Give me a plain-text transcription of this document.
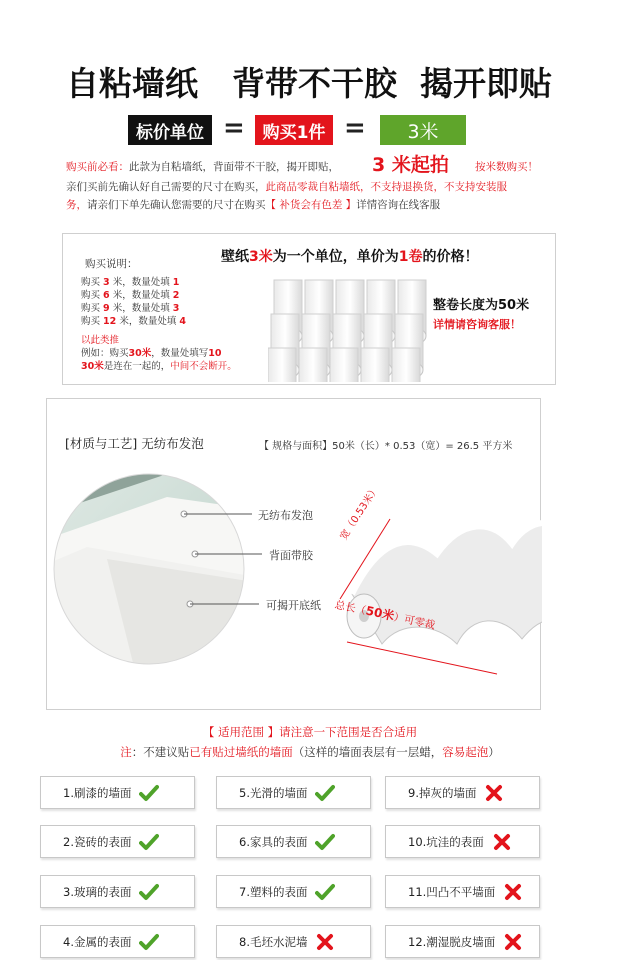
自粘墙纸 背带不干胶 揭开即贴
标价单位 =	购买1件 =	3米
购买前必看：此款为自粘墙纸，背面带不干胶，揭开即贴， 3 米起拍 按米数购买！
亲们买前先确认好自己需要的尺寸在购买，此商品零裁自粘墙纸，不支持退换货，不支持安装服
务，请亲们下单先确认您需要的尺寸在购买【 补货会有色差 】详情咨询在线客服
购买说明：
购买 3 米，数量处填 1
购买 6 米，数量处填 2
购买 9 米，数量处填 3
购买 12 米，数量处填 4
以此类推
例如：购买30米，数量处填写10
30米是连在一起的，中间不会断开。
壁纸3米为一个单位，单价为1卷的价格！
整卷长度为50米
详情请咨询客服！
[材质与工艺] 无纺布发泡	【 规格与面积】50米（长）* 0.53（宽）= 26.5 平方米
无纺布发泡
背面带胶
可揭开底纸
宽（0.53米）
总长（50米）可零裁
【 适用范围 】请注意一下范围是否合适用
注：不建议贴已有贴过墙纸的墙面（这样的墙面表层有一层蜡，容易起泡）
1.刷漆的墙面	5.光滑的墙面	9.掉灰的墙面
2.瓷砖的表面	6.家具的表面	10.坑洼的表面
3.玻璃的表面	7.塑料的表面	11.凹凸不平墙面
4.金属的表面	8.毛坯水泥墙	12.潮湿脱皮墙面
